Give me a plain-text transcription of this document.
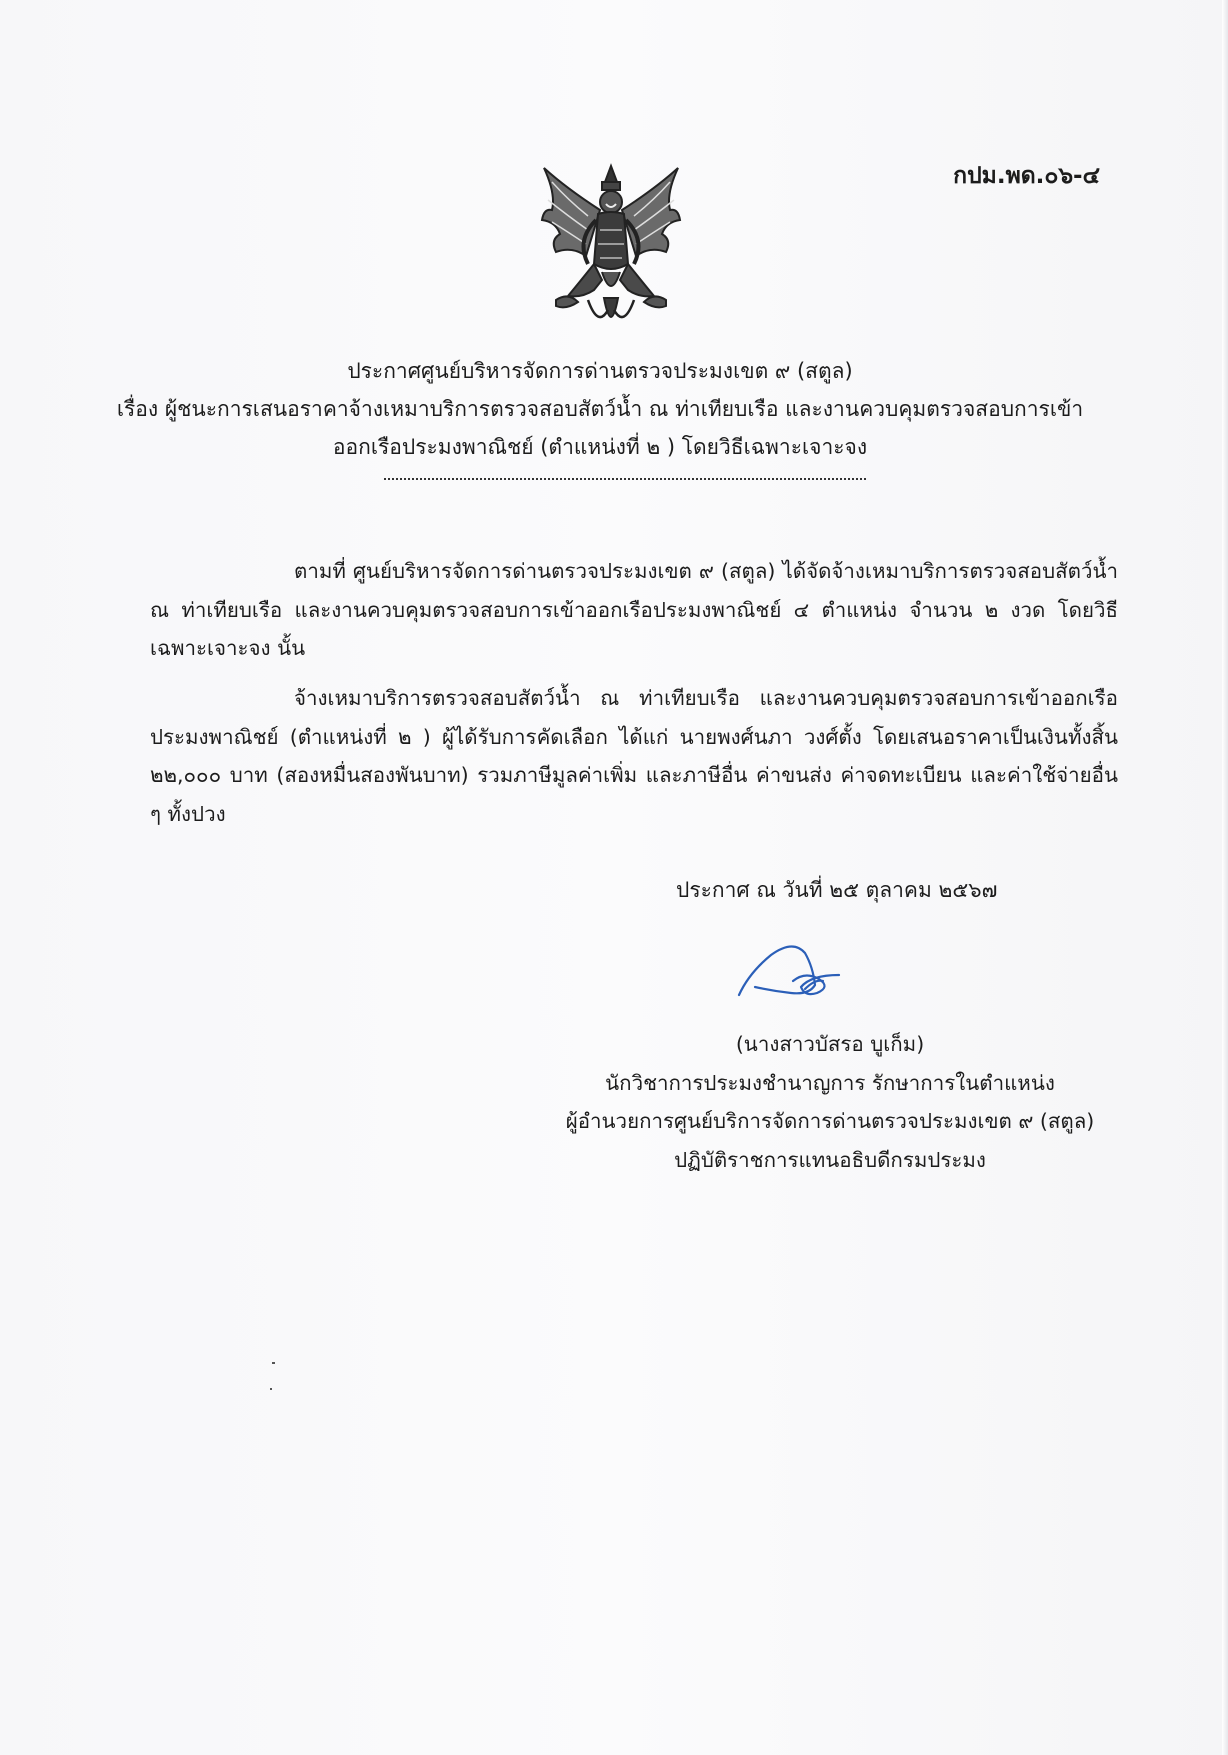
กปม.พด.๐๖-๔
ประกาศศูนย์บริหารจัดการด่านตรวจประมงเขต ๙ (สตูล)
เรื่อง ผู้ชนะการเสนอราคาจ้างเหมาบริการตรวจสอบสัตว์น้ำ ณ ท่าเทียบเรือ และงานควบคุมตรวจสอบการเข้า
ออกเรือประมงพาณิชย์ (ตำแหน่งที่ ๒ ) โดยวิธีเฉพาะเจาะจง
ตามที่ ศูนย์บริหารจัดการด่านตรวจประมงเขต ๙ (สตูล) ได้จัดจ้างเหมาบริการตรวจสอบสัตว์น้ำ ณ ท่าเทียบเรือ และงานควบคุมตรวจสอบการเข้าออกเรือประมงพาณิชย์ ๔ ตำแหน่ง จำนวน ๒ งวด โดยวิธีเฉพาะเจาะจง นั้น
จ้างเหมาบริการตรวจสอบสัตว์น้ำ ณ ท่าเทียบเรือ และงานควบคุมตรวจสอบการเข้าออกเรือประมงพาณิชย์ (ตำแหน่งที่ ๒ ) ผู้ได้รับการคัดเลือก ได้แก่ นายพงศ์นภา วงศ์ตั้ง โดยเสนอราคาเป็นเงินทั้งสิ้น ๒๒,๐๐๐ บาท (สองหมื่นสองพันบาท) รวมภาษีมูลค่าเพิ่ม และภาษีอื่น ค่าขนส่ง ค่าจดทะเบียน และค่าใช้จ่ายอื่น ๆ ทั้งปวง
ประกาศ ณ วันที่ ๒๕ ตุลาคม ๒๕๖๗
(นางสาวบัสรอ บูเก็ม)
นักวิชาการประมงชำนาญการ รักษาการในตำแหน่ง
ผู้อำนวยการศูนย์บริการจัดการด่านตรวจประมงเขต ๙ (สตูล)
ปฏิบัติราชการแทนอธิบดีกรมประมง
